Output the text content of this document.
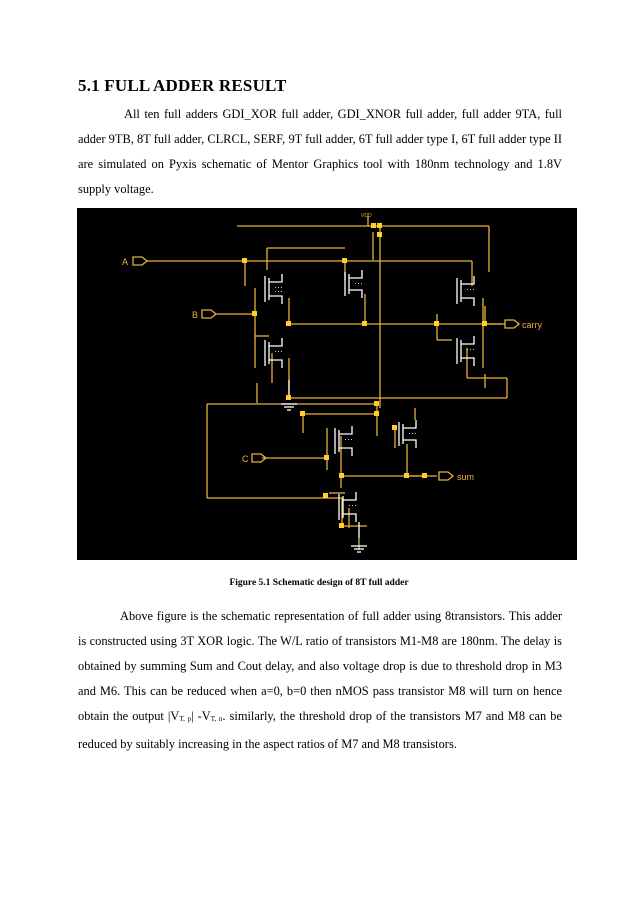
5.1 FULL ADDER RESULT

All ten full adders GDI_XOR full adder, GDI_XNOR full adder, full adder 9TA, full adder 9TB, 8T full adder, CLRCL, SERF, 9T full adder, 6T full adder type I, 6T full adder type II are simulated on Pyxis schematic of Mentor Graphics tool with 180nm technology and 1.8V supply voltage.

A
B
C
carry
sum
VDD
Figure 5.1 Schematic design of 8T full adder

Above figure is the schematic representation of full adder using 8transistors. This adder is constructed using 3T XOR logic. The W/L ratio of transistors M1-M8 are 180nm. The delay is obtained by summing Sum and Cout delay, and also voltage drop is due to threshold drop in M3 and M6. This can be reduced when a=0, b=0 then nMOS pass transistor M8 will turn on hence obtain the output |VT, p| -VT, n. similarly, the threshold drop of the transistors M7 and M8 can be reduced by suitably increasing in the aspect ratios of M7 and M8 transistors.
